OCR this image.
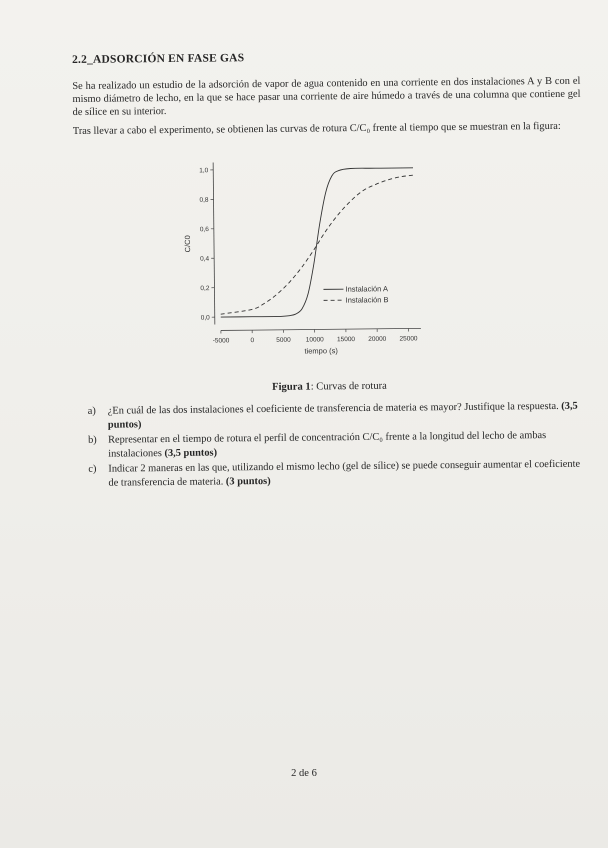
2.2_ADSORCIÓN EN FASE GAS

Se ha realizado un estudio de la adsorción de vapor de agua contenido en una corriente en dos instalaciones A y B con el mismo diámetro de lecho, en la que se hace pasar una corriente de aire húmedo a través de una columna que contiene gel de sílice en su interior.

Tras llevar a cabo el experimento, se obtienen las curvas de rotura C/C₀ frente al tiempo que se muestran en la figura:

tiempo (s)
C/C0
-5000	0	5000 10000 15000 20000 25000
0,0
0,2
0,4
0,6
0,8
1,0
Instalación A
Instalación B
Figura 1: Curvas de rotura
a) ¿En cuál de las dos instalaciones el coeficiente de transferencia de materia es mayor? Justifique la respuesta. (3,5 puntos)
b) Representar en el tiempo de rotura el perfil de concentración C/C₀ frente a la longitud del lecho de ambas instalaciones (3,5 puntos)
c) Indicar 2 maneras en las que, utilizando el mismo lecho (gel de sílice) se puede conseguir aumentar el coeficiente de transferencia de materia. (3 puntos)
2 de 6
